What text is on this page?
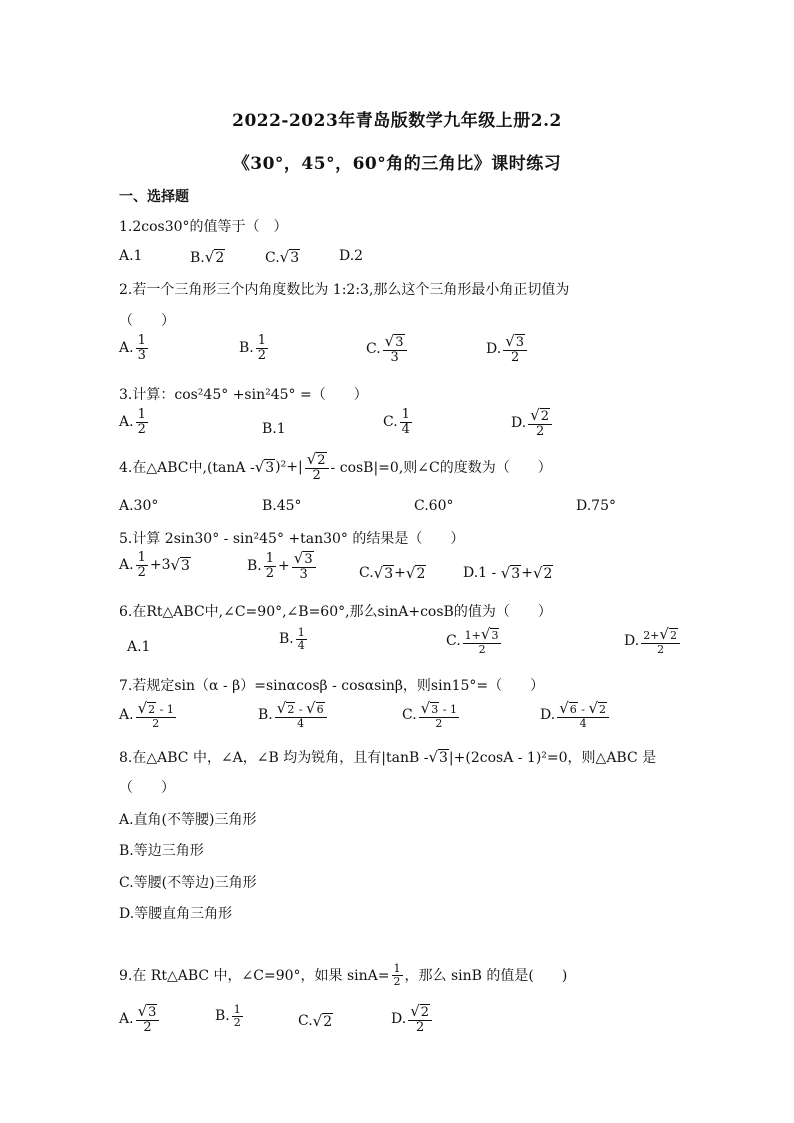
2022-2023年青岛版数学九年级上册2.2
《30°，45°，60°角的三角比》课时练习
一、选择题
1.2cos30°的值等于（　）
A.1	B.√2	C.√3	D.2
2.若一个三角形三个内角度数比为 1:2:3,那么这个三角形最小角正切值为
（　　）
A. $\frac{1}{3}$	B. $\frac{1}{2}$	C. $\frac{√3}{3}$	D. $\frac{√3}{2}$
3.计算：cos²45° +sin²45° =（　　）
A. $\frac{1}{2}$	B.1	C. $\frac{1}{4}$	D. $\frac{√2}{2}$
4.在△ABC中,(tanA - √3 )$^2+| \frac{√2}{2} - \cos B|=0$,则∠C的度数为（　　）
A.30°	B.45°	C.60°	D.75°
5.计算 2sin30° - sin²45° +tan30° 的结果是（　　）
A. $\frac{1}{2} +3$ √3	B. $\frac{1}{2} + \frac{√3}{3}$	C. √3 + √2	D.1 -
√3 + √2
6.在Rt△ABC中,∠C=90°,∠B=60°,那么sinA+cosB的值为（　　）
A.1	B. $\frac{1}{4}$	C. $\frac{1+√3}{2}$	D. $\frac{2+√2}{2}$
7.若规定sin（α - β）=sinαcosβ - cosαsinβ，则sin15°=（　　）
A. $\frac{√2 - 1}{2}$	B. $\frac{√2 - √6}{4}$	C. $\frac{√3 - 1}{2}$	D. $\frac{√6 - √2}{4}$
8.在△ABC 中，∠A，∠B 均为锐角，且有|tanB - √3 |+(2cosA - 1)²=0，则△ABC 是
（　　）
A.直角(不等腰)三角形
B.等边三角形
C.等腰(不等边)三角形
D.等腰直角三角形
9.在 Rt△ABC 中，∠C=90°，如果 $\sin A= \frac{1}{2}$ ，那么 sinB 的值是(　　)
A. $\frac{√3}{2}$	B. $\frac{1}{2}$	C. √2	D. $\frac{√2}{2}$
